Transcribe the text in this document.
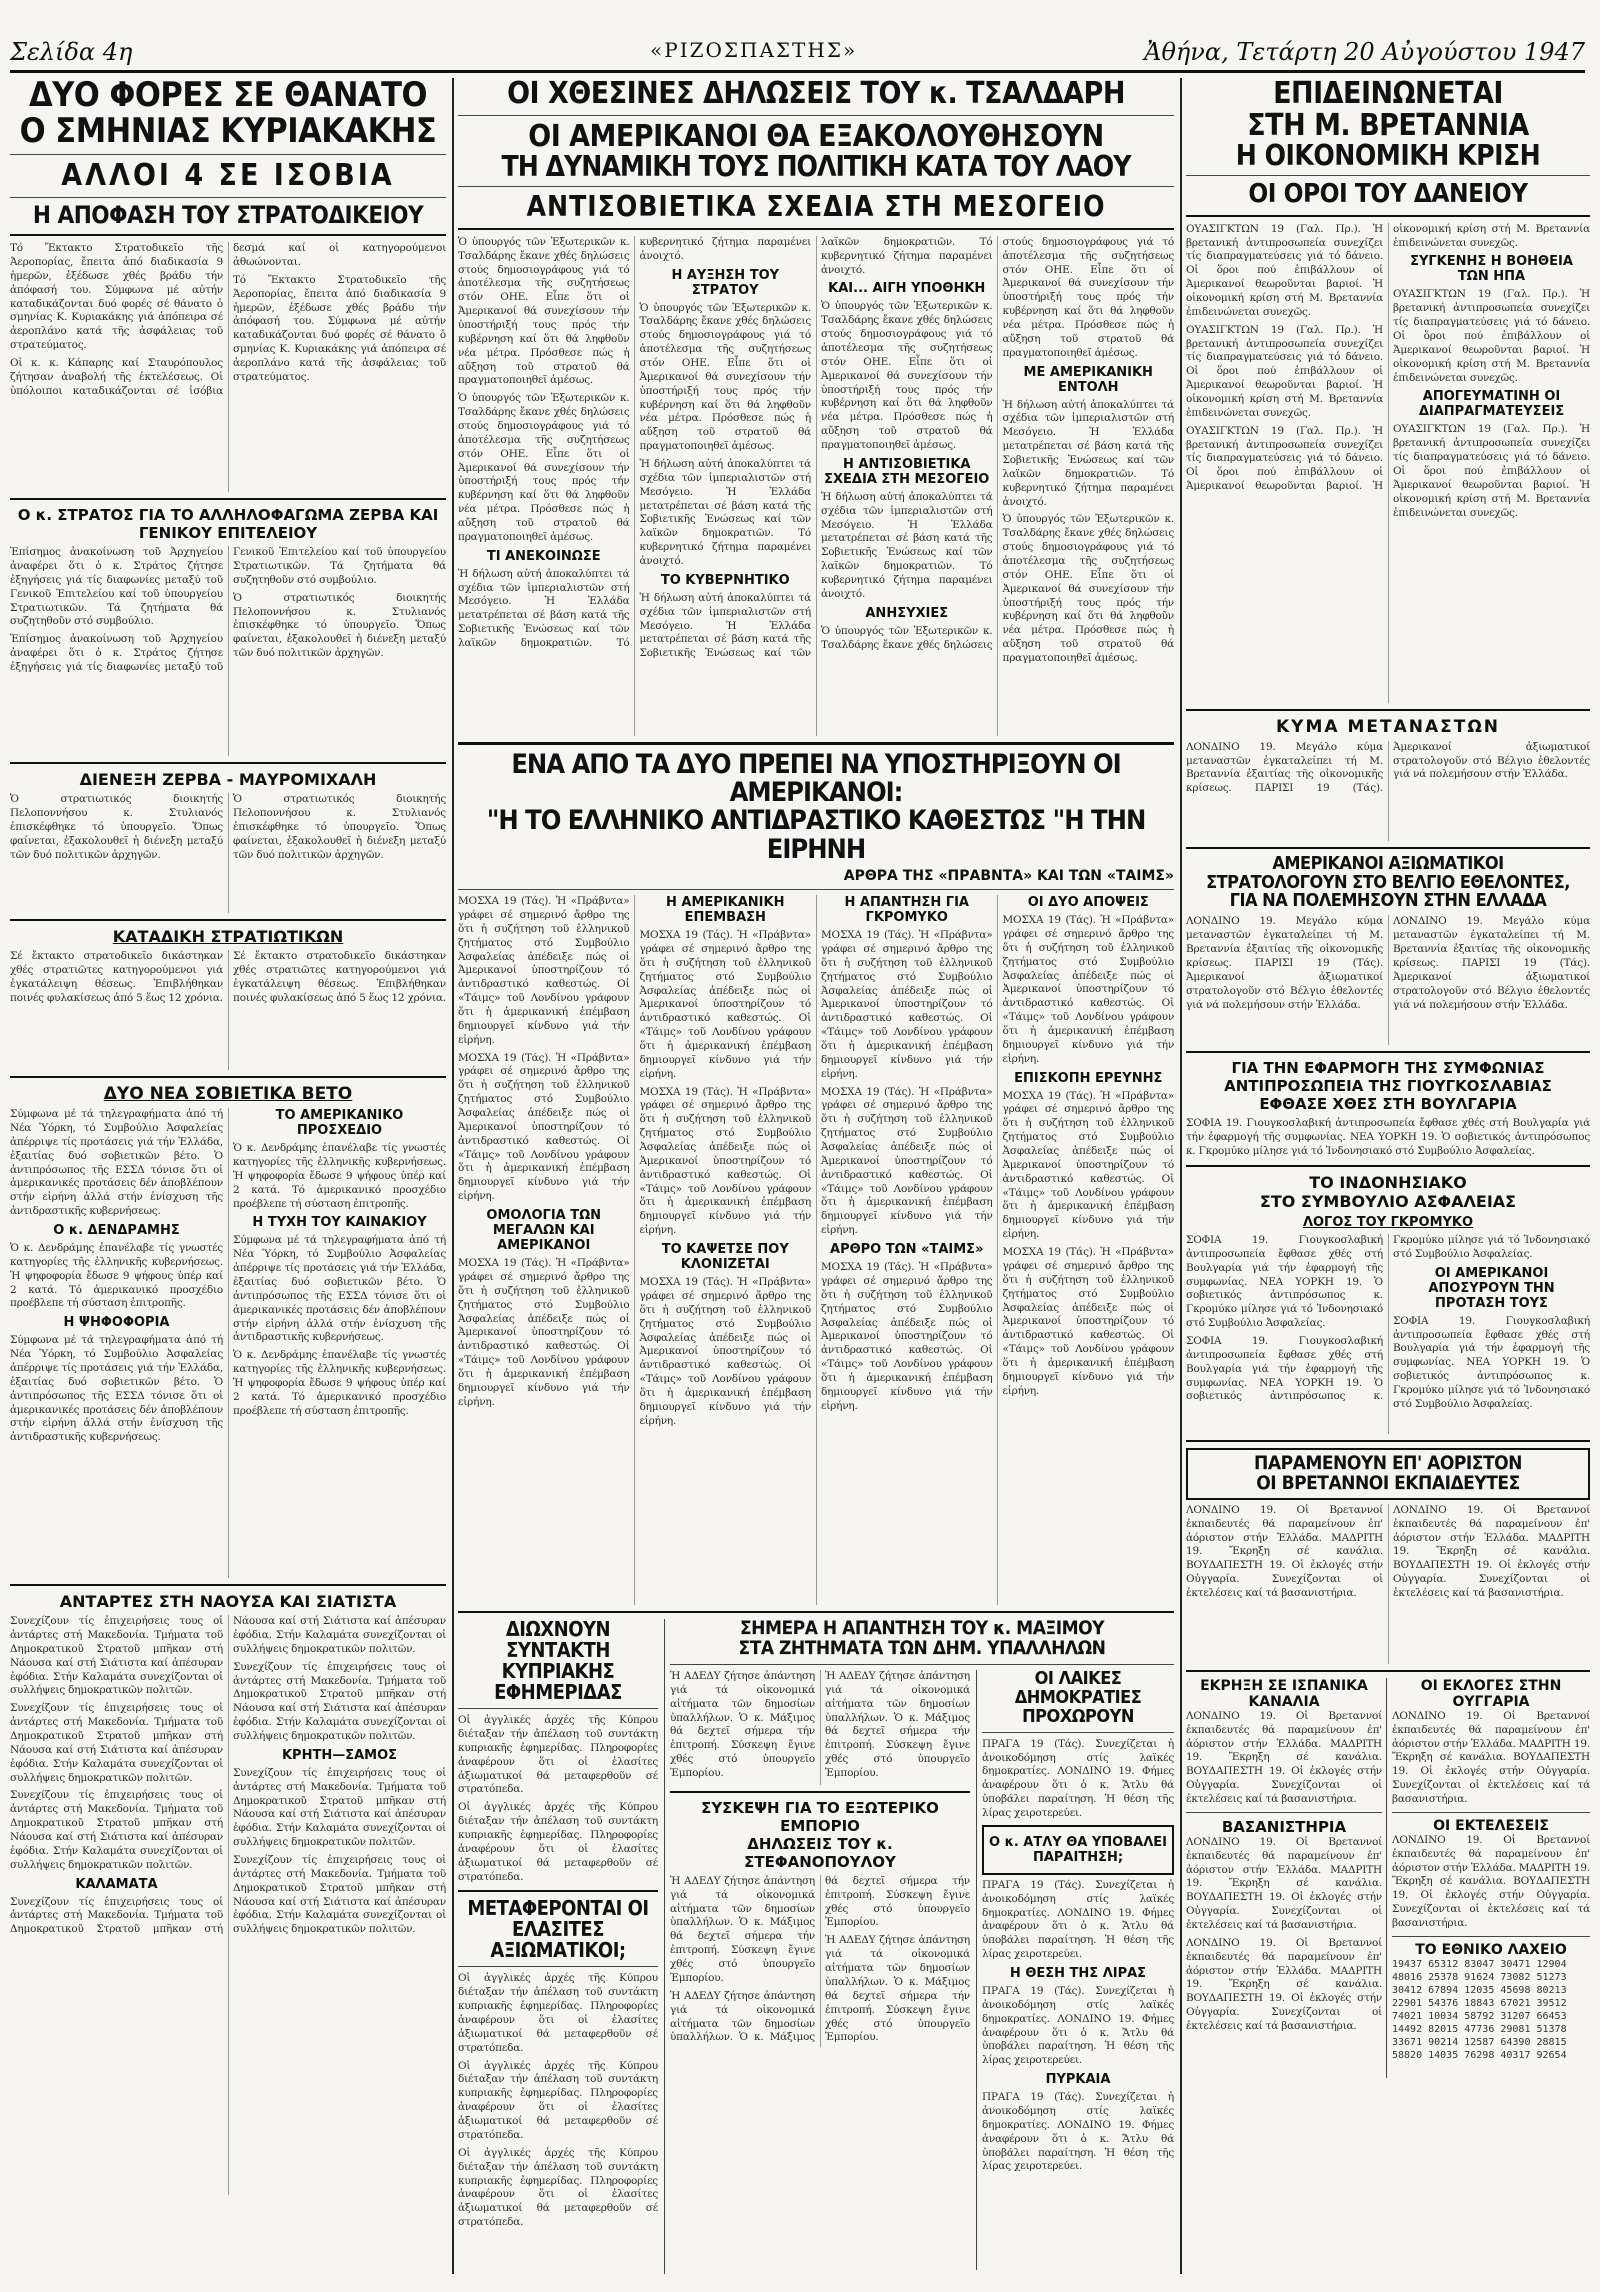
Σελίδα 4η	«ΡΙΖΟΣΠΑΣΤΗΣ»	Ἀθήνα, Τετάρτη 20 Αὐγούστου 1947
ΔΥΟ ΦΟΡΕΣ ΣΕ ΘΑΝΑΤΟ
Ο ΣΜΗΝΙΑΣ ΚΥΡΙΑΚΑΚΗΣ
ΑΛΛΟΙ 4 ΣΕ ΙΣΟΒΙΑ
Η ΑΠΟΦΑΣΗ ΤΟΥ ΣΤΡΑΤΟΔΙΚΕΙΟΥ

Τό Ἔκτακτο Στρατοδικεῖο τῆς Ἀεροπορίας, ἔπειτα ἀπό διαδικασία 9 ἡμερῶν, ἐξέδωσε χθές βράδυ τήν ἀπόφασή του. Σύμφωνα μέ αὐτήν καταδικάζονται δυό φορές σέ θάνατο ὁ σμηνίας Κ. Κυριακάκης γιά ἀπόπειρα σέ ἀεροπλάνο κατά τῆς ἀσφάλειας τοῦ στρατεύματος.

Οἱ κ. κ. Κάπαρης καί Σταυρόπουλος ζήτησαν ἀναβολή τῆς ἐκτελέσεως. Οἱ ὑπόλοιποι καταδικάζονται σέ ἰσόβια δεσμά καί οἱ κατηγορούμενοι ἀθωώνονται.

Τό Ἔκτακτο Στρατοδικεῖο τῆς Ἀεροπορίας, ἔπειτα ἀπό διαδικασία 9 ἡμερῶν, ἐξέδωσε χθές βράδυ τήν ἀπόφασή του. Σύμφωνα μέ αὐτήν καταδικάζονται δυό φορές σέ θάνατο ὁ σμηνίας Κ. Κυριακάκης γιά ἀπόπειρα σέ ἀεροπλάνο κατά τῆς ἀσφάλειας τοῦ στρατεύματος.

Ο κ. ΣΤΡΑΤΟΣ ΓΙΑ ΤΟ ΑΛΛΗΛΟΦΑΓΩΜΑ ΖΕΡΒΑ ΚΑΙ ΓΕΝΙΚΟΥ ΕΠΙΤΕΛΕΙΟΥ

Ἐπίσημος ἀνακοίνωση τοῦ Ἀρχηγείου ἀναφέρει ὅτι ὁ κ. Στράτος ζήτησε ἐξηγήσεις γιά τίς διαφωνίες μεταξύ τοῦ Γενικοῦ Ἐπιτελείου καί τοῦ ὑπουργείου Στρατιωτικῶν. Τά ζητήματα θά συζητηθοῦν στό συμβούλιο.

Ἐπίσημος ἀνακοίνωση τοῦ Ἀρχηγείου ἀναφέρει ὅτι ὁ κ. Στράτος ζήτησε ἐξηγήσεις γιά τίς διαφωνίες μεταξύ τοῦ Γενικοῦ Ἐπιτελείου καί τοῦ ὑπουργείου Στρατιωτικῶν. Τά ζητήματα θά συζητηθοῦν στό συμβούλιο.

Ὁ στρατιωτικός διοικητής Πελοποννήσου κ. Στυλιανός ἐπισκέφθηκε τό ὑπουργεῖο. Ὅπως φαίνεται, ἐξακολουθεῖ ἡ διένεξη μεταξύ τῶν δυό πολιτικῶν ἀρχηγῶν.

ΔΙΕΝΕΞΗ ΖΕΡΒΑ - ΜΑΥΡΟΜΙΧΑΛΗ

Ὁ στρατιωτικός διοικητής Πελοποννήσου κ. Στυλιανός ἐπισκέφθηκε τό ὑπουργεῖο. Ὅπως φαίνεται, ἐξακολουθεῖ ἡ διένεξη μεταξύ τῶν δυό πολιτικῶν ἀρχηγῶν.

Ὁ στρατιωτικός διοικητής Πελοποννήσου κ. Στυλιανός ἐπισκέφθηκε τό ὑπουργεῖο. Ὅπως φαίνεται, ἐξακολουθεῖ ἡ διένεξη μεταξύ τῶν δυό πολιτικῶν ἀρχηγῶν.

ΚΑΤΑΔΙΚΗ ΣΤΡΑΤΙΩΤΙΚΩΝ

Σέ ἔκτακτο στρατοδικεῖο δικάστηκαν χθές στρατιῶτες κατηγορούμενοι γιά ἐγκατάλειψη θέσεως. Ἐπιβλήθηκαν ποινές φυλακίσεως ἀπό 5 ἕως 12 χρόνια.

Σέ ἔκτακτο στρατοδικεῖο δικάστηκαν χθές στρατιῶτες κατηγορούμενοι γιά ἐγκατάλειψη θέσεως. Ἐπιβλήθηκαν ποινές φυλακίσεως ἀπό 5 ἕως 12 χρόνια.

ΔΥΟ ΝΕΑ ΣΟΒΙΕΤΙΚΑ ΒΕΤΟ

Σύμφωνα μέ τά τηλεγραφήματα ἀπό τή Νέα Ὑόρκη, τό Συμβούλιο Ἀσφαλείας ἀπέρριψε τίς προτάσεις γιά τήν Ἑλλάδα, ἐξαιτίας δυό σοβιετικῶν βέτο. Ὁ ἀντιπρόσωπος τῆς ΕΣΣΔ τόνισε ὅτι οἱ ἀμερικανικές προτάσεις δέν ἀποβλέπουν στήν εἰρήνη ἀλλά στήν ἐνίσχυση τῆς ἀντιδραστικῆς κυβερνήσεως.

Ο κ. ΔΕΝΔΡΑΜΗΣ

Ὁ κ. Δενδράμης ἐπανέλαβε τίς γνωστές κατηγορίες τῆς ἑλληνικῆς κυβερνήσεως. Ἡ ψηφοφορία ἔδωσε 9 ψήφους ὑπέρ καί 2 κατά. Τό ἀμερικανικό προσχέδιο προέβλεπε τή σύσταση ἐπιτροπῆς.

Η ΨΗΦΟΦΟΡΙΑ

Σύμφωνα μέ τά τηλεγραφήματα ἀπό τή Νέα Ὑόρκη, τό Συμβούλιο Ἀσφαλείας ἀπέρριψε τίς προτάσεις γιά τήν Ἑλλάδα, ἐξαιτίας δυό σοβιετικῶν βέτο. Ὁ ἀντιπρόσωπος τῆς ΕΣΣΔ τόνισε ὅτι οἱ ἀμερικανικές προτάσεις δέν ἀποβλέπουν στήν εἰρήνη ἀλλά στήν ἐνίσχυση τῆς ἀντιδραστικῆς κυβερνήσεως.

ΤΟ ΑΜΕΡΙΚΑΝΙΚΟ ΠΡΟΣΧΕΔΙΟ

Ὁ κ. Δενδράμης ἐπανέλαβε τίς γνωστές κατηγορίες τῆς ἑλληνικῆς κυβερνήσεως. Ἡ ψηφοφορία ἔδωσε 9 ψήφους ὑπέρ καί 2 κατά. Τό ἀμερικανικό προσχέδιο προέβλεπε τή σύσταση ἐπιτροπῆς.

Η ΤΥΧΗ ΤΟΥ ΚΑΙΝΑΚΙΟΥ

Σύμφωνα μέ τά τηλεγραφήματα ἀπό τή Νέα Ὑόρκη, τό Συμβούλιο Ἀσφαλείας ἀπέρριψε τίς προτάσεις γιά τήν Ἑλλάδα, ἐξαιτίας δυό σοβιετικῶν βέτο. Ὁ ἀντιπρόσωπος τῆς ΕΣΣΔ τόνισε ὅτι οἱ ἀμερικανικές προτάσεις δέν ἀποβλέπουν στήν εἰρήνη ἀλλά στήν ἐνίσχυση τῆς ἀντιδραστικῆς κυβερνήσεως.

Ὁ κ. Δενδράμης ἐπανέλαβε τίς γνωστές κατηγορίες τῆς ἑλληνικῆς κυβερνήσεως. Ἡ ψηφοφορία ἔδωσε 9 ψήφους ὑπέρ καί 2 κατά. Τό ἀμερικανικό προσχέδιο προέβλεπε τή σύσταση ἐπιτροπῆς.

ΑΝΤΑΡΤΕΣ ΣΤΗ ΝΑΟΥΣΑ ΚΑΙ ΣΙΑΤΙΣΤΑ

Συνεχίζουν τίς ἐπιχειρήσεις τους οἱ ἀντάρτες στή Μακεδονία. Τμήματα τοῦ Δημοκρατικοῦ Στρατοῦ μπῆκαν στή Νάουσα καί στή Σιάτιστα καί ἀπέσυραν ἐφόδια. Στήν Καλαμάτα συνεχίζονται οἱ συλλήψεις δημοκρατικῶν πολιτῶν.

Συνεχίζουν τίς ἐπιχειρήσεις τους οἱ ἀντάρτες στή Μακεδονία. Τμήματα τοῦ Δημοκρατικοῦ Στρατοῦ μπῆκαν στή Νάουσα καί στή Σιάτιστα καί ἀπέσυραν ἐφόδια. Στήν Καλαμάτα συνεχίζονται οἱ συλλήψεις δημοκρατικῶν πολιτῶν.

Συνεχίζουν τίς ἐπιχειρήσεις τους οἱ ἀντάρτες στή Μακεδονία. Τμήματα τοῦ Δημοκρατικοῦ Στρατοῦ μπῆκαν στή Νάουσα καί στή Σιάτιστα καί ἀπέσυραν ἐφόδια. Στήν Καλαμάτα συνεχίζονται οἱ συλλήψεις δημοκρατικῶν πολιτῶν.

ΚΑΛΑΜΑΤΑ

Συνεχίζουν τίς ἐπιχειρήσεις τους οἱ ἀντάρτες στή Μακεδονία. Τμήματα τοῦ Δημοκρατικοῦ Στρατοῦ μπῆκαν στή Νάουσα καί στή Σιάτιστα καί ἀπέσυραν ἐφόδια. Στήν Καλαμάτα συνεχίζονται οἱ συλλήψεις δημοκρατικῶν πολιτῶν.

Συνεχίζουν τίς ἐπιχειρήσεις τους οἱ ἀντάρτες στή Μακεδονία. Τμήματα τοῦ Δημοκρατικοῦ Στρατοῦ μπῆκαν στή Νάουσα καί στή Σιάτιστα καί ἀπέσυραν ἐφόδια. Στήν Καλαμάτα συνεχίζονται οἱ συλλήψεις δημοκρατικῶν πολιτῶν.

ΚΡΗΤΗ—ΣΑΜΟΣ

Συνεχίζουν τίς ἐπιχειρήσεις τους οἱ ἀντάρτες στή Μακεδονία. Τμήματα τοῦ Δημοκρατικοῦ Στρατοῦ μπῆκαν στή Νάουσα καί στή Σιάτιστα καί ἀπέσυραν ἐφόδια. Στήν Καλαμάτα συνεχίζονται οἱ συλλήψεις δημοκρατικῶν πολιτῶν.

Συνεχίζουν τίς ἐπιχειρήσεις τους οἱ ἀντάρτες στή Μακεδονία. Τμήματα τοῦ Δημοκρατικοῦ Στρατοῦ μπῆκαν στή Νάουσα καί στή Σιάτιστα καί ἀπέσυραν ἐφόδια. Στήν Καλαμάτα συνεχίζονται οἱ συλλήψεις δημοκρατικῶν πολιτῶν.

ΟΙ ΧΘΕΣΙΝΕΣ ΔΗΛΩΣΕΙΣ ΤΟΥ κ. ΤΣΑΛΔΑΡΗ
ΟΙ ΑΜΕΡΙΚΑΝΟΙ ΘΑ ΕΞΑΚΟΛΟΥΘΗΣΟΥΝ
ΤΗ ΔΥΝΑΜΙΚΗ ΤΟΥΣ ΠΟΛΙΤΙΚΗ ΚΑΤΑ ΤΟΥ ΛΑΟΥ
ΑΝΤΙΣΟΒΙΕΤΙΚΑ ΣΧΕΔΙΑ ΣΤΗ ΜΕΣΟΓΕΙΟ

Ὁ ὑπουργός τῶν Ἐξωτερικῶν κ. Τσαλδάρης ἔκανε χθές δηλώσεις στούς δημοσιογράφους γιά τό ἀποτέλεσμα τῆς συζητήσεως στόν ΟΗΕ. Εἶπε ὅτι οἱ Ἀμερικανοί θά συνεχίσουν τήν ὑποστήριξή τους πρός τήν κυβέρνηση καί ὅτι θά ληφθοῦν νέα μέτρα. Πρόσθεσε πώς ἡ αὔξηση τοῦ στρατοῦ θά πραγματοποιηθεῖ ἀμέσως.

Ὁ ὑπουργός τῶν Ἐξωτερικῶν κ. Τσαλδάρης ἔκανε χθές δηλώσεις στούς δημοσιογράφους γιά τό ἀποτέλεσμα τῆς συζητήσεως στόν ΟΗΕ. Εἶπε ὅτι οἱ Ἀμερικανοί θά συνεχίσουν τήν ὑποστήριξή τους πρός τήν κυβέρνηση καί ὅτι θά ληφθοῦν νέα μέτρα. Πρόσθεσε πώς ἡ αὔξηση τοῦ στρατοῦ θά πραγματοποιηθεῖ ἀμέσως.

ΤΙ ΑΝΕΚΟΙΝΩΣΕ

Ἡ δήλωση αὐτή ἀποκαλύπτει τά σχέδια τῶν ἰμπεριαλιστῶν στή Μεσόγειο. Ἡ Ἑλλάδα μετατρέπεται σέ βάση κατά τῆς Σοβιετικῆς Ἑνώσεως καί τῶν λαϊκῶν δημοκρατιῶν. Τό κυβερνητικό ζήτημα παραμένει ἀνοιχτό.

Η ΑΥΞΗΣΗ ΤΟΥ ΣΤΡΑΤΟΥ

Ὁ ὑπουργός τῶν Ἐξωτερικῶν κ. Τσαλδάρης ἔκανε χθές δηλώσεις στούς δημοσιογράφους γιά τό ἀποτέλεσμα τῆς συζητήσεως στόν ΟΗΕ. Εἶπε ὅτι οἱ Ἀμερικανοί θά συνεχίσουν τήν ὑποστήριξή τους πρός τήν κυβέρνηση καί ὅτι θά ληφθοῦν νέα μέτρα. Πρόσθεσε πώς ἡ αὔξηση τοῦ στρατοῦ θά πραγματοποιηθεῖ ἀμέσως.

Ἡ δήλωση αὐτή ἀποκαλύπτει τά σχέδια τῶν ἰμπεριαλιστῶν στή Μεσόγειο. Ἡ Ἑλλάδα μετατρέπεται σέ βάση κατά τῆς Σοβιετικῆς Ἑνώσεως καί τῶν λαϊκῶν δημοκρατιῶν. Τό κυβερνητικό ζήτημα παραμένει ἀνοιχτό.

ΤΟ ΚΥΒΕΡΝΗΤΙΚΟ

Ἡ δήλωση αὐτή ἀποκαλύπτει τά σχέδια τῶν ἰμπεριαλιστῶν στή Μεσόγειο. Ἡ Ἑλλάδα μετατρέπεται σέ βάση κατά τῆς Σοβιετικῆς Ἑνώσεως καί τῶν λαϊκῶν δημοκρατιῶν. Τό κυβερνητικό ζήτημα παραμένει ἀνοιχτό.

ΚΑΙ... ΑΙΓΗ ΥΠΟΘΗΚΗ

Ὁ ὑπουργός τῶν Ἐξωτερικῶν κ. Τσαλδάρης ἔκανε χθές δηλώσεις στούς δημοσιογράφους γιά τό ἀποτέλεσμα τῆς συζητήσεως στόν ΟΗΕ. Εἶπε ὅτι οἱ Ἀμερικανοί θά συνεχίσουν τήν ὑποστήριξή τους πρός τήν κυβέρνηση καί ὅτι θά ληφθοῦν νέα μέτρα. Πρόσθεσε πώς ἡ αὔξηση τοῦ στρατοῦ θά πραγματοποιηθεῖ ἀμέσως.

Η ΑΝΤΙΣΟΒΙΕΤΙΚΑ ΣΧΕΔΙΑ ΣΤΗ ΜΕΣΟΓΕΙΟ

Ἡ δήλωση αὐτή ἀποκαλύπτει τά σχέδια τῶν ἰμπεριαλιστῶν στή Μεσόγειο. Ἡ Ἑλλάδα μετατρέπεται σέ βάση κατά τῆς Σοβιετικῆς Ἑνώσεως καί τῶν λαϊκῶν δημοκρατιῶν. Τό κυβερνητικό ζήτημα παραμένει ἀνοιχτό.

ΑΝΗΣΥΧΙΕΣ

Ὁ ὑπουργός τῶν Ἐξωτερικῶν κ. Τσαλδάρης ἔκανε χθές δηλώσεις στούς δημοσιογράφους γιά τό ἀποτέλεσμα τῆς συζητήσεως στόν ΟΗΕ. Εἶπε ὅτι οἱ Ἀμερικανοί θά συνεχίσουν τήν ὑποστήριξή τους πρός τήν κυβέρνηση καί ὅτι θά ληφθοῦν νέα μέτρα. Πρόσθεσε πώς ἡ αὔξηση τοῦ στρατοῦ θά πραγματοποιηθεῖ ἀμέσως.

ΜΕ ΑΜΕΡΙΚΑΝΙΚΗ ΕΝΤΟΛΗ

Ἡ δήλωση αὐτή ἀποκαλύπτει τά σχέδια τῶν ἰμπεριαλιστῶν στή Μεσόγειο. Ἡ Ἑλλάδα μετατρέπεται σέ βάση κατά τῆς Σοβιετικῆς Ἑνώσεως καί τῶν λαϊκῶν δημοκρατιῶν. Τό κυβερνητικό ζήτημα παραμένει ἀνοιχτό.

Ὁ ὑπουργός τῶν Ἐξωτερικῶν κ. Τσαλδάρης ἔκανε χθές δηλώσεις στούς δημοσιογράφους γιά τό ἀποτέλεσμα τῆς συζητήσεως στόν ΟΗΕ. Εἶπε ὅτι οἱ Ἀμερικανοί θά συνεχίσουν τήν ὑποστήριξή τους πρός τήν κυβέρνηση καί ὅτι θά ληφθοῦν νέα μέτρα. Πρόσθεσε πώς ἡ αὔξηση τοῦ στρατοῦ θά πραγματοποιηθεῖ ἀμέσως.

ΕΝΑ ΑΠΟ ΤΑ ΔΥΟ ΠΡΕΠΕΙ ΝΑ ΥΠΟΣΤΗΡΙΞΟΥΝ ΟΙ ΑΜΕΡΙΚΑΝΟΙ:
"Η ΤΟ ΕΛΛΗΝΙΚΟ ΑΝΤΙΔΡΑΣΤΙΚΟ ΚΑΘΕΣΤΩΣ "Η ΤΗΝ ΕΙΡΗΝΗ

ΑΡΘΡΑ ΤΗΣ «ΠΡΑΒΝΤΑ» ΚΑΙ ΤΩΝ «ΤΑΙΜΣ»

ΜΟΣΧΑ 19 (Τάς). Ἡ «Πράβντα» γράφει σέ σημερινό ἄρθρο της ὅτι ἡ συζήτηση τοῦ ἑλληνικοῦ ζητήματος στό Συμβούλιο Ἀσφαλείας ἀπέδειξε πώς οἱ Ἀμερικανοί ὑποστηρίζουν τό ἀντιδραστικό καθεστώς. Οἱ «Τάιμς» τοῦ Λονδίνου γράφουν ὅτι ἡ ἀμερικανική ἐπέμβαση δημιουργεῖ κίνδυνο γιά τήν εἰρήνη.

ΜΟΣΧΑ 19 (Τάς). Ἡ «Πράβντα» γράφει σέ σημερινό ἄρθρο της ὅτι ἡ συζήτηση τοῦ ἑλληνικοῦ ζητήματος στό Συμβούλιο Ἀσφαλείας ἀπέδειξε πώς οἱ Ἀμερικανοί ὑποστηρίζουν τό ἀντιδραστικό καθεστώς. Οἱ «Τάιμς» τοῦ Λονδίνου γράφουν ὅτι ἡ ἀμερικανική ἐπέμβαση δημιουργεῖ κίνδυνο γιά τήν εἰρήνη.

ΟΜΟΛΟΓΙΑ ΤΩΝ ΜΕΓΑΛΩΝ ΚΑΙ ΑΜΕΡΙΚΑΝΟΙ

ΜΟΣΧΑ 19 (Τάς). Ἡ «Πράβντα» γράφει σέ σημερινό ἄρθρο της ὅτι ἡ συζήτηση τοῦ ἑλληνικοῦ ζητήματος στό Συμβούλιο Ἀσφαλείας ἀπέδειξε πώς οἱ Ἀμερικανοί ὑποστηρίζουν τό ἀντιδραστικό καθεστώς. Οἱ «Τάιμς» τοῦ Λονδίνου γράφουν ὅτι ἡ ἀμερικανική ἐπέμβαση δημιουργεῖ κίνδυνο γιά τήν εἰρήνη.

Η ΑΜΕΡΙΚΑΝΙΚΗ ΕΠΕΜΒΑΣΗ

ΜΟΣΧΑ 19 (Τάς). Ἡ «Πράβντα» γράφει σέ σημερινό ἄρθρο της ὅτι ἡ συζήτηση τοῦ ἑλληνικοῦ ζητήματος στό Συμβούλιο Ἀσφαλείας ἀπέδειξε πώς οἱ Ἀμερικανοί ὑποστηρίζουν τό ἀντιδραστικό καθεστώς. Οἱ «Τάιμς» τοῦ Λονδίνου γράφουν ὅτι ἡ ἀμερικανική ἐπέμβαση δημιουργεῖ κίνδυνο γιά τήν εἰρήνη.

ΜΟΣΧΑ 19 (Τάς). Ἡ «Πράβντα» γράφει σέ σημερινό ἄρθρο της ὅτι ἡ συζήτηση τοῦ ἑλληνικοῦ ζητήματος στό Συμβούλιο Ἀσφαλείας ἀπέδειξε πώς οἱ Ἀμερικανοί ὑποστηρίζουν τό ἀντιδραστικό καθεστώς. Οἱ «Τάιμς» τοῦ Λονδίνου γράφουν ὅτι ἡ ἀμερικανική ἐπέμβαση δημιουργεῖ κίνδυνο γιά τήν εἰρήνη.

ΤΟ ΚΑΨΕΤΣΕ ΠΟΥ ΚΛΟΝΙΖΕΤΑΙ

ΜΟΣΧΑ 19 (Τάς). Ἡ «Πράβντα» γράφει σέ σημερινό ἄρθρο της ὅτι ἡ συζήτηση τοῦ ἑλληνικοῦ ζητήματος στό Συμβούλιο Ἀσφαλείας ἀπέδειξε πώς οἱ Ἀμερικανοί ὑποστηρίζουν τό ἀντιδραστικό καθεστώς. Οἱ «Τάιμς» τοῦ Λονδίνου γράφουν ὅτι ἡ ἀμερικανική ἐπέμβαση δημιουργεῖ κίνδυνο γιά τήν εἰρήνη.

Η ΑΠΑΝΤΗΣΗ ΓΙΑ ΓΚΡΟΜΥΚΟ

ΜΟΣΧΑ 19 (Τάς). Ἡ «Πράβντα» γράφει σέ σημερινό ἄρθρο της ὅτι ἡ συζήτηση τοῦ ἑλληνικοῦ ζητήματος στό Συμβούλιο Ἀσφαλείας ἀπέδειξε πώς οἱ Ἀμερικανοί ὑποστηρίζουν τό ἀντιδραστικό καθεστώς. Οἱ «Τάιμς» τοῦ Λονδίνου γράφουν ὅτι ἡ ἀμερικανική ἐπέμβαση δημιουργεῖ κίνδυνο γιά τήν εἰρήνη.

ΜΟΣΧΑ 19 (Τάς). Ἡ «Πράβντα» γράφει σέ σημερινό ἄρθρο της ὅτι ἡ συζήτηση τοῦ ἑλληνικοῦ ζητήματος στό Συμβούλιο Ἀσφαλείας ἀπέδειξε πώς οἱ Ἀμερικανοί ὑποστηρίζουν τό ἀντιδραστικό καθεστώς. Οἱ «Τάιμς» τοῦ Λονδίνου γράφουν ὅτι ἡ ἀμερικανική ἐπέμβαση δημιουργεῖ κίνδυνο γιά τήν εἰρήνη.

ΑΡΘΡΟ ΤΩΝ «ΤΑΙΜΣ»

ΜΟΣΧΑ 19 (Τάς). Ἡ «Πράβντα» γράφει σέ σημερινό ἄρθρο της ὅτι ἡ συζήτηση τοῦ ἑλληνικοῦ ζητήματος στό Συμβούλιο Ἀσφαλείας ἀπέδειξε πώς οἱ Ἀμερικανοί ὑποστηρίζουν τό ἀντιδραστικό καθεστώς. Οἱ «Τάιμς» τοῦ Λονδίνου γράφουν ὅτι ἡ ἀμερικανική ἐπέμβαση δημιουργεῖ κίνδυνο γιά τήν εἰρήνη.

ΟΙ ΔΥΟ ΑΠΟΨΕΙΣ

ΜΟΣΧΑ 19 (Τάς). Ἡ «Πράβντα» γράφει σέ σημερινό ἄρθρο της ὅτι ἡ συζήτηση τοῦ ἑλληνικοῦ ζητήματος στό Συμβούλιο Ἀσφαλείας ἀπέδειξε πώς οἱ Ἀμερικανοί ὑποστηρίζουν τό ἀντιδραστικό καθεστώς. Οἱ «Τάιμς» τοῦ Λονδίνου γράφουν ὅτι ἡ ἀμερικανική ἐπέμβαση δημιουργεῖ κίνδυνο γιά τήν εἰρήνη.

ΕΠΙΣΚΟΠΗ ΕΡΕΥΝΗΣ

ΜΟΣΧΑ 19 (Τάς). Ἡ «Πράβντα» γράφει σέ σημερινό ἄρθρο της ὅτι ἡ συζήτηση τοῦ ἑλληνικοῦ ζητήματος στό Συμβούλιο Ἀσφαλείας ἀπέδειξε πώς οἱ Ἀμερικανοί ὑποστηρίζουν τό ἀντιδραστικό καθεστώς. Οἱ «Τάιμς» τοῦ Λονδίνου γράφουν ὅτι ἡ ἀμερικανική ἐπέμβαση δημιουργεῖ κίνδυνο γιά τήν εἰρήνη.

ΜΟΣΧΑ 19 (Τάς). Ἡ «Πράβντα» γράφει σέ σημερινό ἄρθρο της ὅτι ἡ συζήτηση τοῦ ἑλληνικοῦ ζητήματος στό Συμβούλιο Ἀσφαλείας ἀπέδειξε πώς οἱ Ἀμερικανοί ὑποστηρίζουν τό ἀντιδραστικό καθεστώς. Οἱ «Τάιμς» τοῦ Λονδίνου γράφουν ὅτι ἡ ἀμερικανική ἐπέμβαση δημιουργεῖ κίνδυνο γιά τήν εἰρήνη.

ΔΙΩΧΝΟΥΝ ΣΥΝΤΑΚΤΗ ΚΥΠΡΙΑΚΗΣ ΕΦΗΜΕΡΙΔΑΣ

Οἱ ἀγγλικές ἀρχές τῆς Κύπρου διέταξαν τήν ἀπέλαση τοῦ συντάκτη κυπριακῆς ἐφημερίδας. Πληροφορίες ἀναφέρουν ὅτι οἱ ἐλασίτες ἀξιωματικοί θά μεταφερθοῦν σέ στρατόπεδα.

Οἱ ἀγγλικές ἀρχές τῆς Κύπρου διέταξαν τήν ἀπέλαση τοῦ συντάκτη κυπριακῆς ἐφημερίδας. Πληροφορίες ἀναφέρουν ὅτι οἱ ἐλασίτες ἀξιωματικοί θά μεταφερθοῦν σέ στρατόπεδα.

ΜΕΤΑΦΕΡΟΝΤΑΙ ΟΙ ΕΛΑΣΙΤΕΣ ΑΞΙΩΜΑΤΙΚΟΙ;

Οἱ ἀγγλικές ἀρχές τῆς Κύπρου διέταξαν τήν ἀπέλαση τοῦ συντάκτη κυπριακῆς ἐφημερίδας. Πληροφορίες ἀναφέρουν ὅτι οἱ ἐλασίτες ἀξιωματικοί θά μεταφερθοῦν σέ στρατόπεδα.

Οἱ ἀγγλικές ἀρχές τῆς Κύπρου διέταξαν τήν ἀπέλαση τοῦ συντάκτη κυπριακῆς ἐφημερίδας. Πληροφορίες ἀναφέρουν ὅτι οἱ ἐλασίτες ἀξιωματικοί θά μεταφερθοῦν σέ στρατόπεδα.

Οἱ ἀγγλικές ἀρχές τῆς Κύπρου διέταξαν τήν ἀπέλαση τοῦ συντάκτη κυπριακῆς ἐφημερίδας. Πληροφορίες ἀναφέρουν ὅτι οἱ ἐλασίτες ἀξιωματικοί θά μεταφερθοῦν σέ στρατόπεδα.

ΣΗΜΕΡΑ Η ΑΠΑΝΤΗΣΗ ΤΟΥ κ. ΜΑΞΙΜΟΥ
ΣΤΑ ΖΗΤΗΜΑΤΑ ΤΩΝ ΔΗΜ. ΥΠΑΛΛΗΛΩΝ

Ἡ ΑΔΕΔΥ ζήτησε ἀπάντηση γιά τά οἰκονομικά αἰτήματα τῶν δημοσίων ὑπαλλήλων. Ὁ κ. Μάξιμος θά δεχτεῖ σήμερα τήν ἐπιτροπή. Σύσκεψη ἔγινε χθές στό ὑπουργεῖο Ἐμπορίου.

Ἡ ΑΔΕΔΥ ζήτησε ἀπάντηση γιά τά οἰκονομικά αἰτήματα τῶν δημοσίων ὑπαλλήλων. Ὁ κ. Μάξιμος θά δεχτεῖ σήμερα τήν ἐπιτροπή. Σύσκεψη ἔγινε χθές στό ὑπουργεῖο Ἐμπορίου.

ΣΥΣΚΕΨΗ ΓΙΑ ΤΟ ΕΞΩΤΕΡΙΚΟ ΕΜΠΟΡΙΟ

ΔΗΛΩΣΕΙΣ ΤΟΥ κ. ΣΤΕΦΑΝΟΠΟΥΛΟΥ

Ἡ ΑΔΕΔΥ ζήτησε ἀπάντηση γιά τά οἰκονομικά αἰτήματα τῶν δημοσίων ὑπαλλήλων. Ὁ κ. Μάξιμος θά δεχτεῖ σήμερα τήν ἐπιτροπή. Σύσκεψη ἔγινε χθές στό ὑπουργεῖο Ἐμπορίου.

Ἡ ΑΔΕΔΥ ζήτησε ἀπάντηση γιά τά οἰκονομικά αἰτήματα τῶν δημοσίων ὑπαλλήλων. Ὁ κ. Μάξιμος θά δεχτεῖ σήμερα τήν ἐπιτροπή. Σύσκεψη ἔγινε χθές στό ὑπουργεῖο Ἐμπορίου.

Ἡ ΑΔΕΔΥ ζήτησε ἀπάντηση γιά τά οἰκονομικά αἰτήματα τῶν δημοσίων ὑπαλλήλων. Ὁ κ. Μάξιμος θά δεχτεῖ σήμερα τήν ἐπιτροπή. Σύσκεψη ἔγινε χθές στό ὑπουργεῖο Ἐμπορίου.

ΟΙ ΛΑΙΚΕΣ ΔΗΜΟΚΡΑΤΙΕΣ ΠΡΟΧΩΡΟΥΝ

ΠΡΑΓΑ 19 (Τάς). Συνεχίζεται ἡ ἀνοικοδόμηση στίς λαϊκές δημοκρατίες. ΛΟΝΔΙΝΟ 19. Φήμες ἀναφέρουν ὅτι ὁ κ. Ἄτλυ θά ὑποβάλει παραίτηση. Ἡ θέση τῆς λίρας χειροτερεύει.

Ο κ. ΑΤΛΥ ΘΑ ΥΠΟΒΑΛΕΙ ΠΑΡΑΙΤΗΣΗ;

ΠΡΑΓΑ 19 (Τάς). Συνεχίζεται ἡ ἀνοικοδόμηση στίς λαϊκές δημοκρατίες. ΛΟΝΔΙΝΟ 19. Φήμες ἀναφέρουν ὅτι ὁ κ. Ἄτλυ θά ὑποβάλει παραίτηση. Ἡ θέση τῆς λίρας χειροτερεύει.

Η ΘΕΣΗ ΤΗΣ ΛΙΡΑΣ

ΠΡΑΓΑ 19 (Τάς). Συνεχίζεται ἡ ἀνοικοδόμηση στίς λαϊκές δημοκρατίες. ΛΟΝΔΙΝΟ 19. Φήμες ἀναφέρουν ὅτι ὁ κ. Ἄτλυ θά ὑποβάλει παραίτηση. Ἡ θέση τῆς λίρας χειροτερεύει.

ΠΥΡΚΑΙΑ

ΠΡΑΓΑ 19 (Τάς). Συνεχίζεται ἡ ἀνοικοδόμηση στίς λαϊκές δημοκρατίες. ΛΟΝΔΙΝΟ 19. Φήμες ἀναφέρουν ὅτι ὁ κ. Ἄτλυ θά ὑποβάλει παραίτηση. Ἡ θέση τῆς λίρας χειροτερεύει.

ΕΠΙΔΕΙΝΩΝΕΤΑΙ
ΣΤΗ Μ. ΒΡΕΤΑΝΝΙΑ
Η ΟΙΚΟΝΟΜΙΚΗ ΚΡΙΣΗ
ΟΙ ΟΡΟΙ ΤΟΥ ΔΑΝΕΙΟΥ

ΟΥΑΣΙΓΚΤΩΝ 19 (Γαλ. Πρ.). Ἡ βρετανική ἀντιπροσωπεία συνεχίζει τίς διαπραγματεύσεις γιά τό δάνειο. Οἱ ὅροι πού ἐπιβάλλουν οἱ Ἀμερικανοί θεωροῦνται βαριοί. Ἡ οἰκονομική κρίση στή Μ. Βρεταννία ἐπιδεινώνεται συνεχῶς.

ΟΥΑΣΙΓΚΤΩΝ 19 (Γαλ. Πρ.). Ἡ βρετανική ἀντιπροσωπεία συνεχίζει τίς διαπραγματεύσεις γιά τό δάνειο. Οἱ ὅροι πού ἐπιβάλλουν οἱ Ἀμερικανοί θεωροῦνται βαριοί. Ἡ οἰκονομική κρίση στή Μ. Βρεταννία ἐπιδεινώνεται συνεχῶς.

ΟΥΑΣΙΓΚΤΩΝ 19 (Γαλ. Πρ.). Ἡ βρετανική ἀντιπροσωπεία συνεχίζει τίς διαπραγματεύσεις γιά τό δάνειο. Οἱ ὅροι πού ἐπιβάλλουν οἱ Ἀμερικανοί θεωροῦνται βαριοί. Ἡ οἰκονομική κρίση στή Μ. Βρεταννία ἐπιδεινώνεται συνεχῶς.

ΣΥΓΚΕΝΗΣ Η ΒΟΗΘΕΙΑ ΤΩΝ ΗΠΑ

ΟΥΑΣΙΓΚΤΩΝ 19 (Γαλ. Πρ.). Ἡ βρετανική ἀντιπροσωπεία συνεχίζει τίς διαπραγματεύσεις γιά τό δάνειο. Οἱ ὅροι πού ἐπιβάλλουν οἱ Ἀμερικανοί θεωροῦνται βαριοί. Ἡ οἰκονομική κρίση στή Μ. Βρεταννία ἐπιδεινώνεται συνεχῶς.

ΑΠΟΓΕΥΜΑΤΙΝΗ ΟΙ ΔΙΑΠΡΑΓΜΑΤΕΥΣΕΙΣ

ΟΥΑΣΙΓΚΤΩΝ 19 (Γαλ. Πρ.). Ἡ βρετανική ἀντιπροσωπεία συνεχίζει τίς διαπραγματεύσεις γιά τό δάνειο. Οἱ ὅροι πού ἐπιβάλλουν οἱ Ἀμερικανοί θεωροῦνται βαριοί. Ἡ οἰκονομική κρίση στή Μ. Βρεταννία ἐπιδεινώνεται συνεχῶς.

ΚΥΜΑ ΜΕΤΑΝΑΣΤΩΝ

ΛΟΝΔΙΝΟ 19. Μεγάλο κύμα μεταναστῶν ἐγκαταλείπει τή Μ. Βρεταννία ἐξαιτίας τῆς οἰκονομικῆς κρίσεως. ΠΑΡΙΣΙ 19 (Τάς). Ἀμερικανοί ἀξιωματικοί στρατολογοῦν στό Βέλγιο ἐθελοντές γιά νά πολεμήσουν στήν Ἑλλάδα.

ΑΜΕΡΙΚΑΝΟΙ ΑΞΙΩΜΑΤΙΚΟΙ
ΣΤΡΑΤΟΛΟΓΟΥΝ ΣΤΟ ΒΕΛΓΙΟ ΕΘΕΛΟΝΤΕΣ,
ΓΙΑ ΝΑ ΠΟΛΕΜΗΣΟΥΝ ΣΤΗΝ ΕΛΛΑΔΑ

ΛΟΝΔΙΝΟ 19. Μεγάλο κύμα μεταναστῶν ἐγκαταλείπει τή Μ. Βρεταννία ἐξαιτίας τῆς οἰκονομικῆς κρίσεως. ΠΑΡΙΣΙ 19 (Τάς). Ἀμερικανοί ἀξιωματικοί στρατολογοῦν στό Βέλγιο ἐθελοντές γιά νά πολεμήσουν στήν Ἑλλάδα.

ΛΟΝΔΙΝΟ 19. Μεγάλο κύμα μεταναστῶν ἐγκαταλείπει τή Μ. Βρεταννία ἐξαιτίας τῆς οἰκονομικῆς κρίσεως. ΠΑΡΙΣΙ 19 (Τάς). Ἀμερικανοί ἀξιωματικοί στρατολογοῦν στό Βέλγιο ἐθελοντές γιά νά πολεμήσουν στήν Ἑλλάδα.

ΓΙΑ ΤΗΝ ΕΦΑΡΜΟΓΗ ΤΗΣ ΣΥΜΦΩΝΙΑΣ

ΑΝΤΙΠΡΟΣΩΠΕΙΑ ΤΗΣ ΓΙΟΥΓΚΟΣΛΑΒΙΑΣ

ΕΦΘΑΣΕ ΧΘΕΣ ΣΤΗ ΒΟΥΛΓΑΡΙΑ

ΣΟΦΙΑ 19. Γιουγκοσλαβική ἀντιπροσωπεία ἔφθασε χθές στή Βουλγαρία γιά τήν ἐφαρμογή τῆς συμφωνίας. ΝΕΑ ΥΟΡΚΗ 19. Ὁ σοβιετικός ἀντιπρόσωπος κ. Γκρομύκο μίλησε γιά τό Ἰνδονησιακό στό Συμβούλιο Ἀσφαλείας.

ΤΟ ΙΝΔΟΝΗΣΙΑΚΟ

ΣΤΟ ΣΥΜΒΟΥΛΙΟ ΑΣΦΑΛΕΙΑΣ

ΛΟΓΟΣ ΤΟΥ ΓΚΡΟΜΥΚΟ

ΣΟΦΙΑ 19. Γιουγκοσλαβική ἀντιπροσωπεία ἔφθασε χθές στή Βουλγαρία γιά τήν ἐφαρμογή τῆς συμφωνίας. ΝΕΑ ΥΟΡΚΗ 19. Ὁ σοβιετικός ἀντιπρόσωπος κ. Γκρομύκο μίλησε γιά τό Ἰνδονησιακό στό Συμβούλιο Ἀσφαλείας.

ΣΟΦΙΑ 19. Γιουγκοσλαβική ἀντιπροσωπεία ἔφθασε χθές στή Βουλγαρία γιά τήν ἐφαρμογή τῆς συμφωνίας. ΝΕΑ ΥΟΡΚΗ 19. Ὁ σοβιετικός ἀντιπρόσωπος κ. Γκρομύκο μίλησε γιά τό Ἰνδονησιακό στό Συμβούλιο Ἀσφαλείας.

ΟΙ ΑΜΕΡΙΚΑΝΟΙ ΑΠΟΣΥΡΟΥΝ ΤΗΝ ΠΡΟΤΑΣΗ ΤΟΥΣ

ΣΟΦΙΑ 19. Γιουγκοσλαβική ἀντιπροσωπεία ἔφθασε χθές στή Βουλγαρία γιά τήν ἐφαρμογή τῆς συμφωνίας. ΝΕΑ ΥΟΡΚΗ 19. Ὁ σοβιετικός ἀντιπρόσωπος κ. Γκρομύκο μίλησε γιά τό Ἰνδονησιακό στό Συμβούλιο Ἀσφαλείας.

ΠΑΡΑΜΕΝΟΥΝ ΕΠ' ΑΟΡΙΣΤΟΝ
ΟΙ ΒΡΕΤΑΝΝΟΙ ΕΚΠΑΙΔΕΥΤΕΣ

ΛΟΝΔΙΝΟ 19. Οἱ Βρεταννοί ἐκπαιδευτές θά παραμείνουν ἐπ' ἀόριστον στήν Ἑλλάδα. ΜΑΔΡΙΤΗ 19. Ἔκρηξη σέ κανάλια. ΒΟΥΔΑΠΕΣΤΗ 19. Οἱ ἐκλογές στήν Οὐγγαρία. Συνεχίζονται οἱ ἐκτελέσεις καί τά βασανιστήρια.

ΛΟΝΔΙΝΟ 19. Οἱ Βρεταννοί ἐκπαιδευτές θά παραμείνουν ἐπ' ἀόριστον στήν Ἑλλάδα. ΜΑΔΡΙΤΗ 19. Ἔκρηξη σέ κανάλια. ΒΟΥΔΑΠΕΣΤΗ 19. Οἱ ἐκλογές στήν Οὐγγαρία. Συνεχίζονται οἱ ἐκτελέσεις καί τά βασανιστήρια.

ΕΚΡΗΞΗ ΣΕ ΙΣΠΑΝΙΚΑ ΚΑΝΑΛΙΑ

ΛΟΝΔΙΝΟ 19. Οἱ Βρεταννοί ἐκπαιδευτές θά παραμείνουν ἐπ' ἀόριστον στήν Ἑλλάδα. ΜΑΔΡΙΤΗ 19. Ἔκρηξη σέ κανάλια. ΒΟΥΔΑΠΕΣΤΗ 19. Οἱ ἐκλογές στήν Οὐγγαρία. Συνεχίζονται οἱ ἐκτελέσεις καί τά βασανιστήρια.

ΒΑΣΑΝΙΣΤΗΡΙΑ

ΛΟΝΔΙΝΟ 19. Οἱ Βρεταννοί ἐκπαιδευτές θά παραμείνουν ἐπ' ἀόριστον στήν Ἑλλάδα. ΜΑΔΡΙΤΗ 19. Ἔκρηξη σέ κανάλια. ΒΟΥΔΑΠΕΣΤΗ 19. Οἱ ἐκλογές στήν Οὐγγαρία. Συνεχίζονται οἱ ἐκτελέσεις καί τά βασανιστήρια.

ΛΟΝΔΙΝΟ 19. Οἱ Βρεταννοί ἐκπαιδευτές θά παραμείνουν ἐπ' ἀόριστον στήν Ἑλλάδα. ΜΑΔΡΙΤΗ 19. Ἔκρηξη σέ κανάλια. ΒΟΥΔΑΠΕΣΤΗ 19. Οἱ ἐκλογές στήν Οὐγγαρία. Συνεχίζονται οἱ ἐκτελέσεις καί τά βασανιστήρια.

ΟΙ ΕΚΛΟΓΕΣ ΣΤΗΝ ΟΥΓΓΑΡΙΑ

ΛΟΝΔΙΝΟ 19. Οἱ Βρεταννοί ἐκπαιδευτές θά παραμείνουν ἐπ' ἀόριστον στήν Ἑλλάδα. ΜΑΔΡΙΤΗ 19. Ἔκρηξη σέ κανάλια. ΒΟΥΔΑΠΕΣΤΗ 19. Οἱ ἐκλογές στήν Οὐγγαρία. Συνεχίζονται οἱ ἐκτελέσεις καί τά βασανιστήρια.

ΟΙ ΕΚΤΕΛΕΣΕΙΣ

ΛΟΝΔΙΝΟ 19. Οἱ Βρεταννοί ἐκπαιδευτές θά παραμείνουν ἐπ' ἀόριστον στήν Ἑλλάδα. ΜΑΔΡΙΤΗ 19. Ἔκρηξη σέ κανάλια. ΒΟΥΔΑΠΕΣΤΗ 19. Οἱ ἐκλογές στήν Οὐγγαρία. Συνεχίζονται οἱ ἐκτελέσεις καί τά βασανιστήρια.

ΤΟ ΕΘΝΙΚΟ ΛΑΧΕΙΟ

19437 65312 83047 30471 12904
48016 25378 91624 73082 51273
30412 67894 12035 45698 80213
22901 54376 18843 67021 39512
74021 10034 58792 31207 66453
14492 82015 47736 29081 51378
33671 90214 12587 64390 28815
58820 14035 76298 40317 92654
